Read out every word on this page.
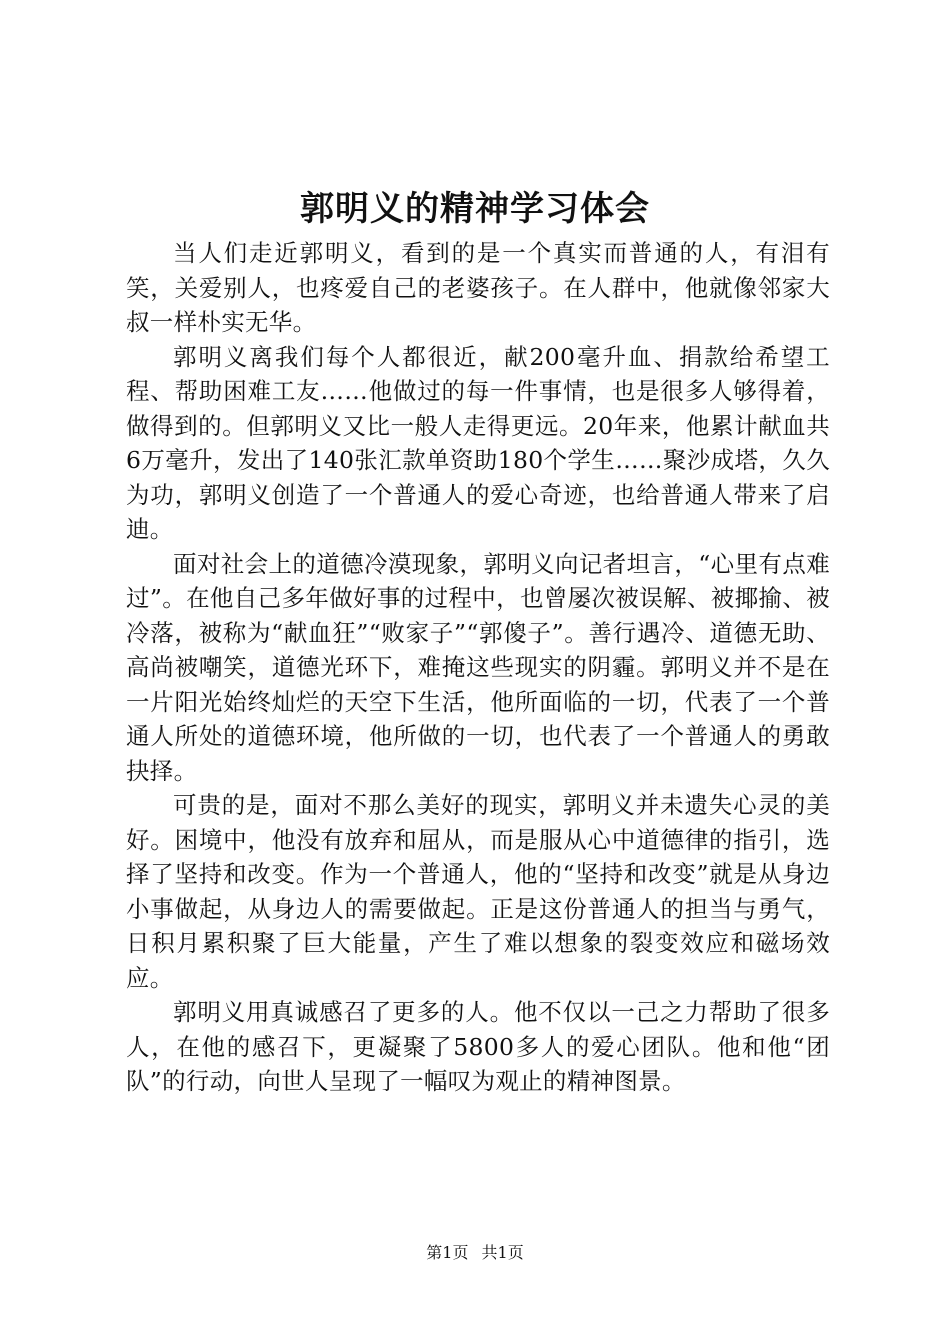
郭明义的精神学习体会

当人们走近郭明义，看到的是一个真实而普通的人，有泪有笑，关爱别人，也疼爱自己的老婆孩子。在人群中，他就像邻家大叔一样朴实无华。

郭明义离我们每个人都很近，献200毫升血、捐款给希望工程、帮助困难工友……他做过的每一件事情，也是很多人够得着，做得到的。但郭明义又比一般人走得更远。20年来，他累计献血共6万毫升，发出了140张汇款单资助180个学生……聚沙成塔，久久为功，郭明义创造了一个普通人的爱心奇迹，也给普通人带来了启迪。

面对社会上的道德冷漠现象，郭明义向记者坦言，“心里有点难过”。在他自己多年做好事的过程中，也曾屡次被误解、被揶揄、被冷落，被称为“献血狂”“败家子”“郭傻子”。善行遇冷、道德无助、高尚被嘲笑，道德光环下，难掩这些现实的阴霾。郭明义并不是在一片阳光始终灿烂的天空下生活，他所面临的一切，代表了一个普通人所处的道德环境，他所做的一切，也代表了一个普通人的勇敢抉择。

可贵的是，面对不那么美好的现实，郭明义并未遗失心灵的美好。困境中，他没有放弃和屈从，而是服从心中道德律的指引，选择了坚持和改变。作为一个普通人，他的“坚持和改变”就是从身边小事做起，从身边人的需要做起。正是这份普通人的担当与勇气，日积月累积聚了巨大能量，产生了难以想象的裂变效应和磁场效应。

郭明义用真诚感召了更多的人。他不仅以一己之力帮助了很多人，在他的感召下，更凝聚了5800多人的爱心团队。他和他“团队”的行动，向世人呈现了一幅叹为观止的精神图景。

第1页 共1页
